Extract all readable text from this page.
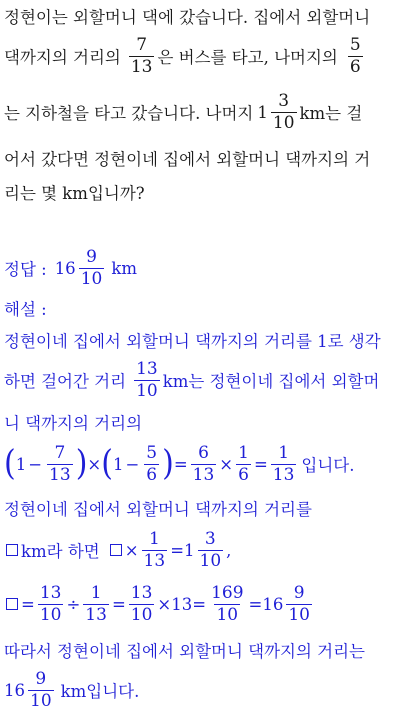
정현이는 외할머니 댁에 갔습니다. 집에서 외할머니
댁까지의 거리의 $\frac{7}{13}$ 은 버스를 타고, 나머지의 $\frac{5}{6}$
는 지하철을 타고 갔습니다. 나머지 $1 \frac{3}{10}$ km는 걸
어서 갔다면 정현이네 집에서 외할머니 댁까지의 거
리는 몇 km입니까?
정답 : $16 \frac{9}{10}$ km
해설 :
정현이네 집에서 외할머니 댁까지의 거리를 1로 생각
하면 걸어간 거리 $\frac{13}{10}$ km는 정현이네 집에서 외할머
니 댁까지의 거리의
( $1 - \frac{7}{13}$ ) × ( $1 - \frac{5}{6}$ ) = $\frac{6}{13} \times \frac{1}{6} = \frac{1}{13}$ 입니다.
정현이네 집에서 외할머니 댁까지의 거리를
km라 하면 × $\frac{1}{13} = 1 \frac{3}{10}$ ,
= $\frac{13}{10} \div \frac{1}{13} = \frac{13}{10} \times 13 = \frac{169}{10} = 16 \frac{9}{10}$
따라서 정현이네 집에서 외할머니 댁까지의 거리는
$16 \frac{9}{10}$ km입니다.
